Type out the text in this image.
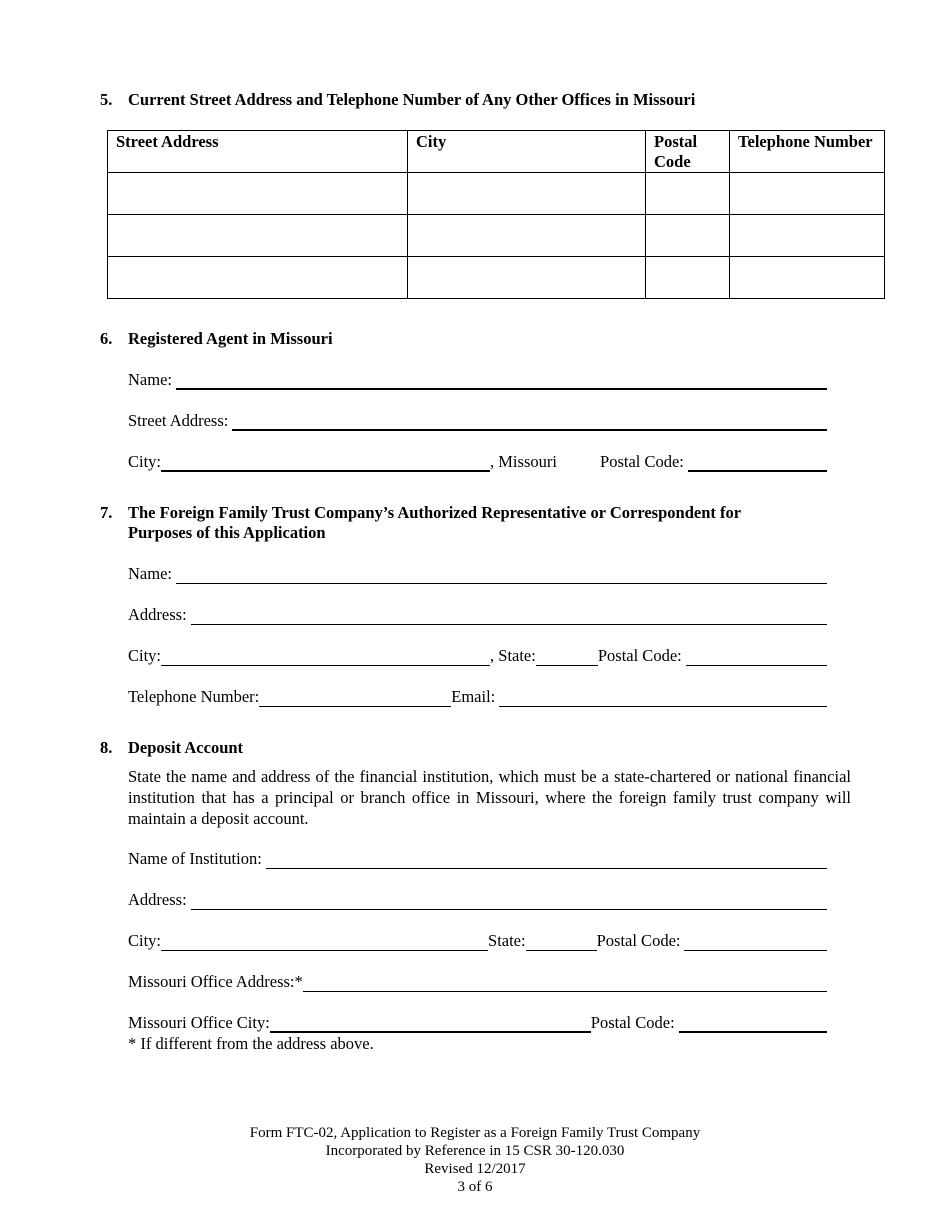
5. Current Street Address and Telephone Number of Any Other Offices in Missouri
Street Address	City	Postal Code	Telephone Number

6. Registered Agent in Missouri
Name:
Street Address:
City:	, Missouri	Postal Code:
7. The Foreign Family Trust Company’s Authorized Representative or Correspondent for
Purposes of this Application
Name:
Address:
City:	, State:	Postal Code:
Telephone Number:	Email:
8. Deposit Account
State the name and address of the financial institution, which must be a state-chartered or national financial institution that has a principal or branch office in Missouri, where the foreign family trust company will maintain a deposit account.
Name of Institution:
Address:
City:	State:	Postal Code:
Missouri Office Address:*
Missouri Office City:	Postal Code:
* If different from the address above.
Form FTC-02, Application to Register as a Foreign Family Trust Company
Incorporated by Reference in 15 CSR 30-120.030
Revised 12/2017
3 of 6
